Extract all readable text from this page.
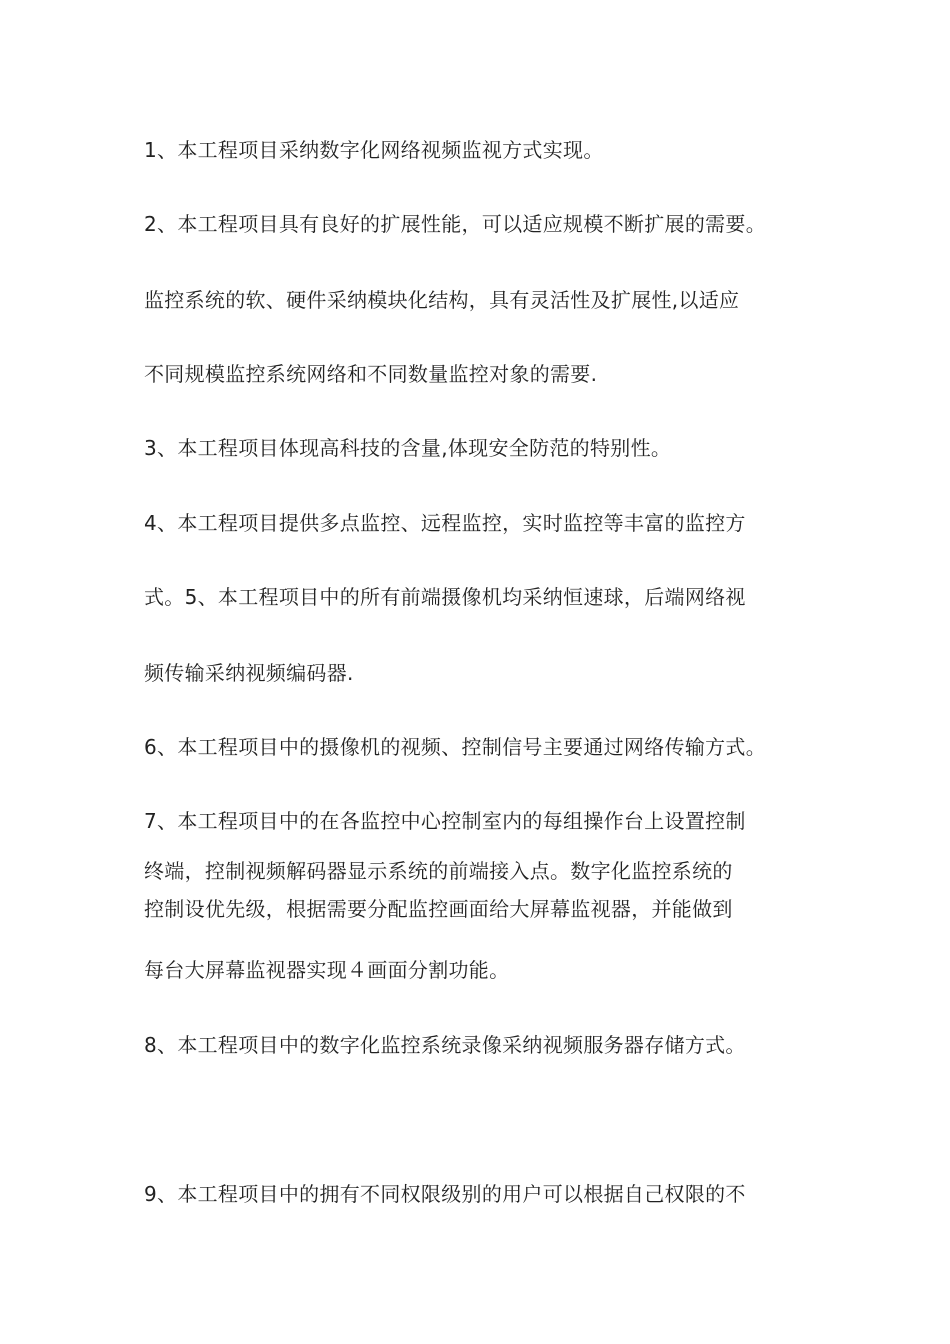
1、本工程项目采纳数字化网络视频监视方式实现。
2、本工程项目具有良好的扩展性能，可以适应规模不断扩展的需要。
监控系统的软、硬件采纳模块化结构，具有灵活性及扩展性,以适应
不同规模监控系统网络和不同数量监控对象的需要.
3、本工程项目体现高科技的含量,体现安全防范的特别性。
4、本工程项目提供多点监控、远程监控，实时监控等丰富的监控方
式。5、本工程项目中的所有前端摄像机均采纳恒速球，后端网络视
频传输采纳视频编码器.
6、本工程项目中的摄像机的视频、控制信号主要通过网络传输方式。
7、本工程项目中的在各监控中心控制室内的每组操作台上设置控制
终端，控制视频解码器显示系统的前端接入点。数字化监控系统的
控制设优先级，根据需要分配监控画面给大屏幕监视器，并能做到
每台大屏幕监视器实现４画面分割功能。
8、本工程项目中的数字化监控系统录像采纳视频服务器存储方式。
9、本工程项目中的拥有不同权限级别的用户可以根据自己权限的不
